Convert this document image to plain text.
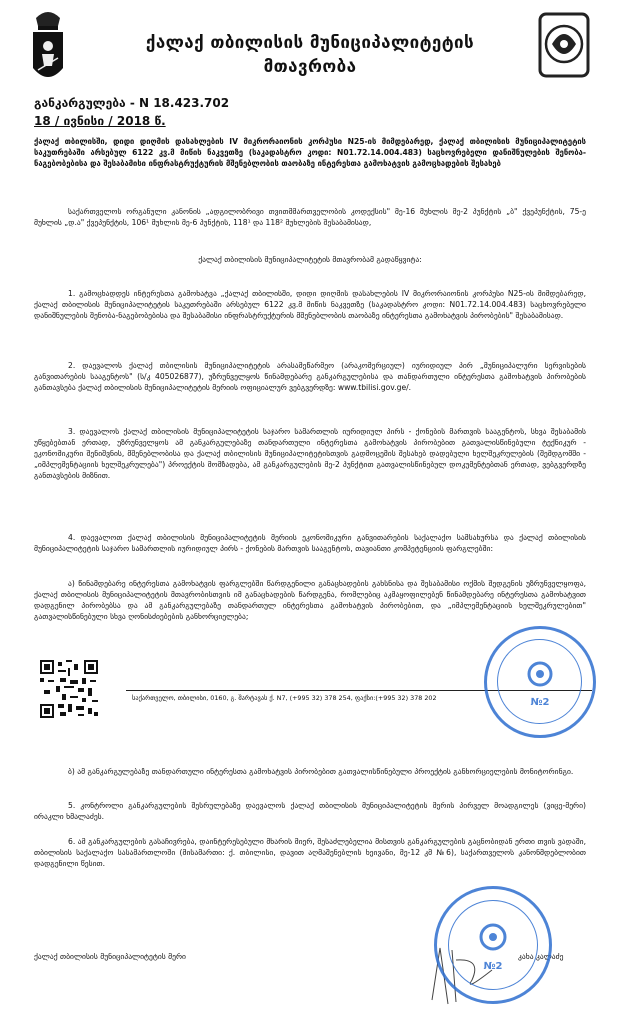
ქალაქ თბილისის მუნიციპალიტეტის
მთავრობა
განკარგულება - N 18.423.702
18 / ივნისი / 2018 წ.
ქალაქ თბილისში, დიდი დიღმის დასახლების IV მიკრორაიონის კორპუსი N25-ის მიმდებარედ, ქალაქ თბილისის მუნიციპალიტეტის საკუთრებაში არსებულ 6122 კვ.მ მიწის ნაკვეთზე (საკადასტრო კოდი: N01.72.14.004.483) საცხოვრებელი დანიშნულების შენობა-ნაგებობებისა და შესაბამისი ინფრასტრუქტურის მშენებლობის თაობაზე ინტერესთა გამოხატვის გამოცხადების შესახებ
საქართველოს ორგანული კანონის „ადგილობრივი თვითმმართველობის კოდექსის" მე-16 მუხლის მე-2 პუნქტის „ბ" ქვეპუნქტის, 75-ე მუხლის „დ.ა" ქვეპუნქტის, 106¹ მუხლის მე-6 პუნქტის, 118¹ და 118² მუხლების შესაბამისად,
ქალაქ თბილისის მუნიციპალიტეტის მთავრობამ გადაწყვიტა:
1. გამოცხადდეს ინტერესთა გამოხატვა „ქალაქ თბილისში, დიდი დიღმის დასახლების IV მიკრორაიონის კორპუსი N25-ის მიმდებარედ, ქალაქ თბილისის მუნიციპალიტეტის საკუთრებაში არსებულ 6122 კვ.მ მიწის ნაკვეთზე (საკადასტრო კოდი: N01.72.14.004.483) საცხოვრებელი დანიშნულების შენობა-ნაგებობებისა და შესაბამისი ინფრასტრუქტურის მშენებლობის თაობაზე ინტერესთა გამოხატვის პირობების" შესაბამისად.
2. დაევალოს ქალაქ თბილისის მუნიციპალიტეტის არასამეწარმეო (არაკომერციულ) იურიდიულ პირ „მუნიციპალური სერვისების განვითარების სააგენტოს" (ს/კ 405026877), უზრუნველყოს წინამდებარე განკარგულებისა და თანდართული ინტერესთა გამოხატვის პირობების განთავსება ქალაქ თბილისის მუნიციპალიტეტის მერიის ოფიციალურ ვებგვერდზე: www.tbilisi.gov.ge/.
3. დაევალოს ქალაქ თბილისის მუნიციპალიტეტის საჯარო სამართლის იურიდიულ პირს - ქონების მართვის სააგენტოს, სხვა შესაბამის უწყებებთან ერთად, უზრუნველყოს ამ განკარგულებაზე თანდართული ინტერესთა გამოხატვის პირობებით გათვალისწინებული ტექნიკურ - ეკონომიკური შენიშვნის, მშენებლობისა და ქალაქ თბილისის მუნიციპალიტეტისთვის გადმოცემის შესახებ დადებული ხელშეკრულების (შემდგომში - „იმპლემენტაციის ხელშეკრულება") პროექტის მომზადება, ამ განკარგულების მე-2 პუნქტით გათვალისწინებულ დოკუმენტებთან ერთად, ვებგვერდზე განთავსების მიზნით.
4. დაევალოთ ქალაქ თბილისის მუნიციპალიტეტის მერიის ეკონომიკური განვითარების საქალაქო სამსახურსა და ქალაქ თბილისის მუნიციპალიტეტის საჯარო სამართლის იურიდიულ პირს - ქონების მართვის სააგენტოს, თავიანთი კომპეტენციის ფარგლებში:
ა) წინამდებარე ინტერესთა გამოხატვის ფარგლებში წარდგენილი განაცხადების გახსნისა და შესაბამისი ოქმის შედგენის უზრუნველყოფა, ქალაქ თბილისის მუნიციპალიტეტის მთავრობისთვის იმ განაცხადების წარდგენა, რომლებიც აკმაყოფილებენ წინამდებარე ინტერესთა გამოხატვით დადგენილ პირობებსა და ამ განკარგულებაზე თანდართულ ინტერესთა გამოხატვის პირობებით, და „იმპლემენტაციის ხელშეკრულებით" გათვალისწინებული სხვა ღონისძიებების განხორციელება;
საქართველო, თბილისი, 0160, გ. შარტავას ქ. N7, (+995 32) 378 254, ფაქსი:(+995 32) 378 202	№2
ბ) ამ განკარგულებაზე თანდართული ინტერესთა გამოხატვის პირობებით გათვალისწინებული პროექტის განხორციელების მონიტორინგი.
5. კონტროლი განკარგულების შესრულებაზე დაევალოს ქალაქ თბილისის მუნიციპალიტეტის მერის პირველ მოადგილეს (ვიცე-მერი) ირაკლი ხმალაძეს.
6. ამ განკარგულების გასაჩივრება, დაინტერესებული მხარის მიერ, შესაძლებელია მისთვის განკარგულების გაცნობიდან ერთი თვის ვადაში, თბილისის საქალაქო სასამართლოში (მისამართი: ქ. თბილისი, დავით აღმაშენებლის ხეივანი, მე-12 კმ №6), საქართველოს კანონმდებლობით დადგენილი წესით.
ქალაქ თბილისის მუნიციპალიტეტის მერი	კახა კალაძე
№2
